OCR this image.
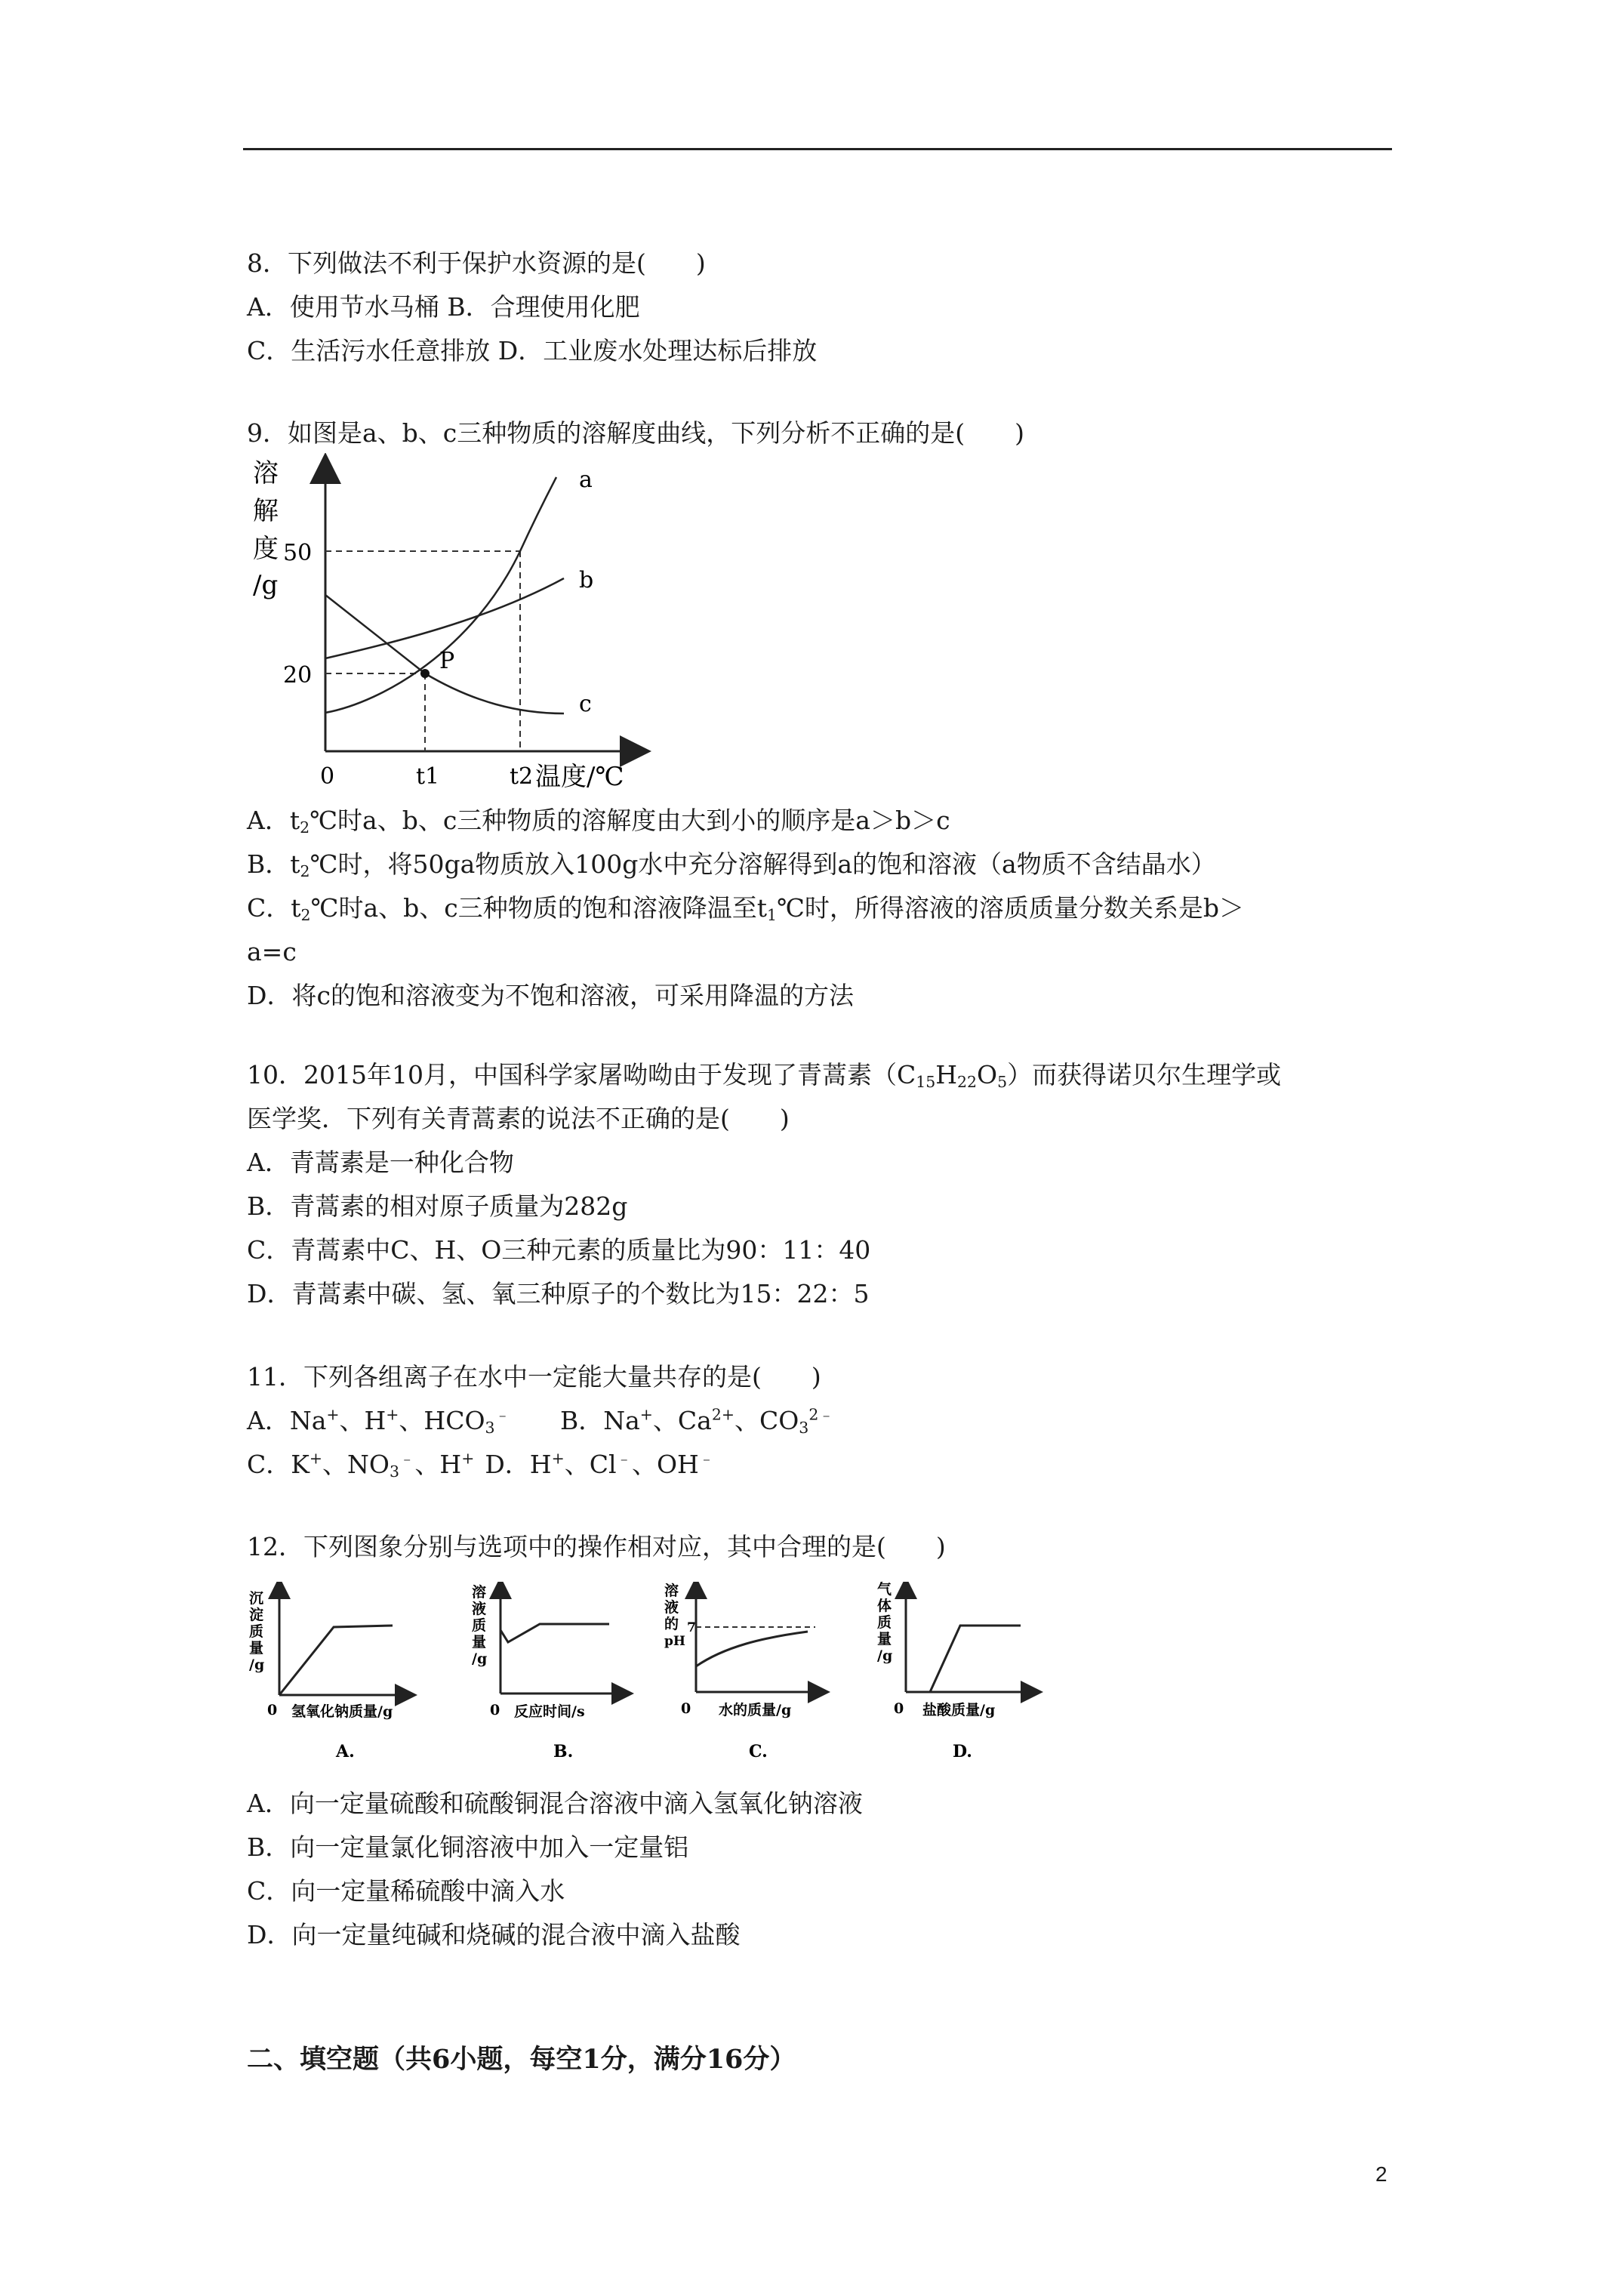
8．下列做法不利于保护水资源的是(　　)
A．使用节水马桶 B．合理使用化肥
C．生活污水任意排放 D．工业废水处理达标后排放
9．如图是a、b、c三种物质的溶解度曲线，下列分析不正确的是(　　)
溶
解
度
/g
P
a
b
c
50
20
0	t1	t2 温度/℃
A．$t_2℃$时a、b、c三种物质的溶解度由大到小的顺序是a＞b＞c
B．$t_2℃$时，将50ga物质放入100g水中充分溶解得到a的饱和溶液（a物质不含结晶水）
C．$t_2℃$时a、b、c三种物质的饱和溶液降温至$t_1℃$时，所得溶液的溶质质量分数关系是b＞
a=c
D．将c的饱和溶液变为不饱和溶液，可采用降温的方法
10．2015年10月，中国科学家屠呦呦由于发现了青蒿素$(C_{15}H_{22}O_5)$而获得诺贝尔生理学或
医学奖．下列有关青蒿素的说法不正确的是(　　)
A．青蒿素是一种化合物
B．青蒿素的相对原子质量为282g
C．青蒿素中C、H、O三种元素的质量比为90：11：40
D．青蒿素中碳、氢、氧三种原子的个数比为15：22：5
11．下列各组离子在水中一定能大量共存的是(　　)
A．Na+、H+、$HCO_3^﹣$ B．Na+、$Ca^{2+}$、$CO_3^{2﹣}$
C．K+、$NO_3^﹣$、H+ D．H+、Cl﹣、OH﹣
12．下列图象分别与选项中的操作相对应，其中合理的是(　　)
沉
淀
质
量
/g
0 氢氧化钠质量/g
A.
溶
液
质
量
/g
0 反应时间/s
B.
溶
液
的
pH
7
0 水的质量/g
C.
气
体
质
量
/g
0 盐酸质量/g
D.
A．向一定量硫酸和硫酸铜混合溶液中滴入氢氧化钠溶液
B．向一定量氯化铜溶液中加入一定量铝
C．向一定量稀硫酸中滴入水
D．向一定量纯碱和烧碱的混合液中滴入盐酸
二、填空题（共6小题，每空1分，满分16分）
2
